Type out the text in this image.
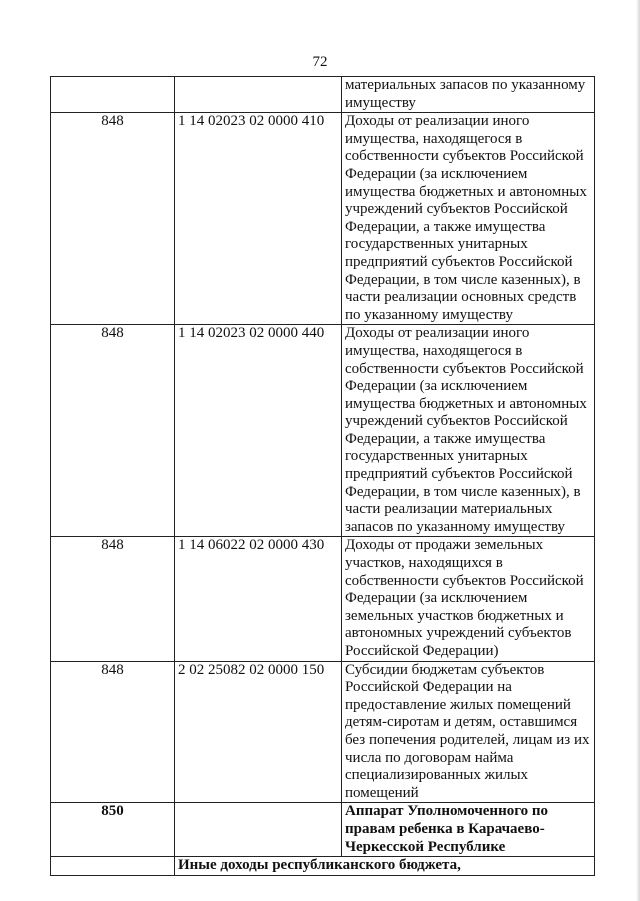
72
		материальных запасов по указанному имуществу
848	1 14 02023 02 0000 410	Доходы от реализации иного имущества, находящегося в собственности субъектов Российской Федерации (за исключением имущества бюджетных и автономных учреждений субъектов Российской Федерации, а также имущества государственных унитарных предприятий субъектов Российской Федерации, в том числе казенных), в части реализации основных средств по указанному имуществу
848	1 14 02023 02 0000 440	Доходы от реализации иного имущества, находящегося в собственности субъектов Российской Федерации (за исключением имущества бюджетных и автономных учреждений субъектов Российской Федерации, а также имущества государственных унитарных предприятий субъектов Российской Федерации, в том числе казенных), в части реализации материальных запасов по указанному имуществу
848	1 14 06022 02 0000 430	Доходы от продажи земельных участков, находящихся в собственности субъектов Российской Федерации (за исключением земельных участков бюджетных и автономных учреждений субъектов Российской Федерации)
848	2 02 25082 02 0000 150	Субсидии бюджетам субъектов Российской Федерации на предоставление жилых помещений детям-сиротам и детям, оставшимся без попечения родителей, лицам из их числа по договорам найма специализированных жилых помещений
850		Аппарат Уполномоченного по правам ребенка в Карачаево-Черкесской Республике
	Иные доходы республиканского бюджета,	
